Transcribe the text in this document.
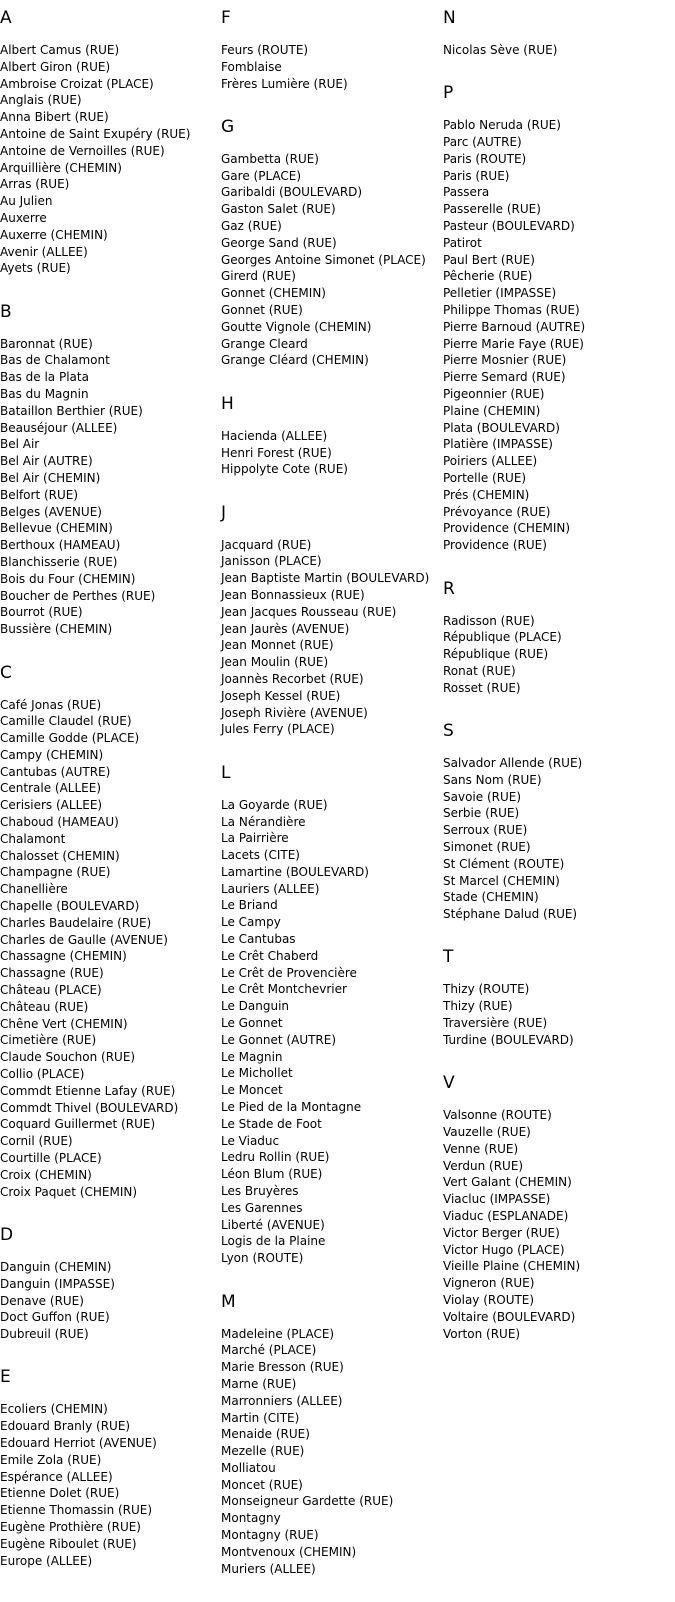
A
Albert Camus (RUE)
Albert Giron (RUE)
Ambroise Croizat (PLACE)
Anglais (RUE)
Anna Bibert (RUE)
Antoine de Saint Exupéry (RUE)
Antoine de Vernoilles (RUE)
Arquillière (CHEMIN)
Arras (RUE)
Au Julien
Auxerre
Auxerre (CHEMIN)
Avenir (ALLEE)
Ayets (RUE)
B
Baronnat (RUE)
Bas de Chalamont
Bas de la Plata
Bas du Magnin
Bataillon Berthier (RUE)
Beauséjour (ALLEE)
Bel Air
Bel Air (AUTRE)
Bel Air (CHEMIN)
Belfort (RUE)
Belges (AVENUE)
Bellevue (CHEMIN)
Berthoux (HAMEAU)
Blanchisserie (RUE)
Bois du Four (CHEMIN)
Boucher de Perthes (RUE)
Bourrot (RUE)
Bussière (CHEMIN)
C
Café Jonas (RUE)
Camille Claudel (RUE)
Camille Godde (PLACE)
Campy (CHEMIN)
Cantubas (AUTRE)
Centrale (ALLEE)
Cerisiers (ALLEE)
Chaboud (HAMEAU)
Chalamont
Chalosset (CHEMIN)
Champagne (RUE)
Chanellière
Chapelle (BOULEVARD)
Charles Baudelaire (RUE)
Charles de Gaulle (AVENUE)
Chassagne (CHEMIN)
Chassagne (RUE)
Château (PLACE)
Château (RUE)
Chêne Vert (CHEMIN)
Cimetière (RUE)
Claude Souchon (RUE)
Collio (PLACE)
Commdt Etienne Lafay (RUE)
Commdt Thivel (BOULEVARD)
Coquard Guillermet (RUE)
Cornil (RUE)
Courtille (PLACE)
Croix (CHEMIN)
Croix Paquet (CHEMIN)
D
Danguin (CHEMIN)
Danguin (IMPASSE)
Denave (RUE)
Doct Guffon (RUE)
Dubreuil (RUE)
E
Ecoliers (CHEMIN)
Edouard Branly (RUE)
Edouard Herriot (AVENUE)
Emile Zola (RUE)
Espérance (ALLEE)
Etienne Dolet (RUE)
Etienne Thomassin (RUE)
Eugène Prothière (RUE)
Eugène Riboulet (RUE)
Europe (ALLEE)
F
Feurs (ROUTE)
Fomblaise
Frères Lumière (RUE)
G
Gambetta (RUE)
Gare (PLACE)
Garibaldi (BOULEVARD)
Gaston Salet (RUE)
Gaz (RUE)
George Sand (RUE)
Georges Antoine Simonet (PLACE)
Girerd (RUE)
Gonnet (CHEMIN)
Gonnet (RUE)
Goutte Vignole (CHEMIN)
Grange Cleard
Grange Cléard (CHEMIN)
H
Hacienda (ALLEE)
Henri Forest (RUE)
Hippolyte Cote (RUE)
J
Jacquard (RUE)
Janisson (PLACE)
Jean Baptiste Martin (BOULEVARD)
Jean Bonnassieux (RUE)
Jean Jacques Rousseau (RUE)
Jean Jaurès (AVENUE)
Jean Monnet (RUE)
Jean Moulin (RUE)
Joannès Recorbet (RUE)
Joseph Kessel (RUE)
Joseph Rivière (AVENUE)
Jules Ferry (PLACE)
L
La Goyarde (RUE)
La Nérandière
La Pairrière
Lacets (CITE)
Lamartine (BOULEVARD)
Lauriers (ALLEE)
Le Briand
Le Campy
Le Cantubas
Le Crêt Chaberd
Le Crêt de Provencière
Le Crêt Montchevrier
Le Danguin
Le Gonnet
Le Gonnet (AUTRE)
Le Magnin
Le Michollet
Le Moncet
Le Pied de la Montagne
Le Stade de Foot
Le Viaduc
Ledru Rollin (RUE)
Léon Blum (RUE)
Les Bruyères
Les Garennes
Liberté (AVENUE)
Logis de la Plaine
Lyon (ROUTE)
M
Madeleine (PLACE)
Marché (PLACE)
Marie Bresson (RUE)
Marne (RUE)
Marronniers (ALLEE)
Martin (CITE)
Menaide (RUE)
Mezelle (RUE)
Molliatou
Moncet (RUE)
Monseigneur Gardette (RUE)
Montagny
Montagny (RUE)
Montvenoux (CHEMIN)
Muriers (ALLEE)
N
Nicolas Sève (RUE)
P
Pablo Neruda (RUE)
Parc (AUTRE)
Paris (ROUTE)
Paris (RUE)
Passera
Passerelle (RUE)
Pasteur (BOULEVARD)
Patirot
Paul Bert (RUE)
Pêcherie (RUE)
Pelletier (IMPASSE)
Philippe Thomas (RUE)
Pierre Barnoud (AUTRE)
Pierre Marie Faye (RUE)
Pierre Mosnier (RUE)
Pierre Semard (RUE)
Pigeonnier (RUE)
Plaine (CHEMIN)
Plata (BOULEVARD)
Platière (IMPASSE)
Poiriers (ALLEE)
Portelle (RUE)
Prés (CHEMIN)
Prévoyance (RUE)
Providence (CHEMIN)
Providence (RUE)
R
Radisson (RUE)
République (PLACE)
République (RUE)
Ronat (RUE)
Rosset (RUE)
S
Salvador Allende (RUE)
Sans Nom (RUE)
Savoie (RUE)
Serbie (RUE)
Serroux (RUE)
Simonet (RUE)
St Clément (ROUTE)
St Marcel (CHEMIN)
Stade (CHEMIN)
Stéphane Dalud (RUE)
T
Thizy (ROUTE)
Thizy (RUE)
Traversière (RUE)
Turdine (BOULEVARD)
V
Valsonne (ROUTE)
Vauzelle (RUE)
Venne (RUE)
Verdun (RUE)
Vert Galant (CHEMIN)
Viacluc (IMPASSE)
Viaduc (ESPLANADE)
Victor Berger (RUE)
Victor Hugo (PLACE)
Vieille Plaine (CHEMIN)
Vigneron (RUE)
Violay (ROUTE)
Voltaire (BOULEVARD)
Vorton (RUE)
